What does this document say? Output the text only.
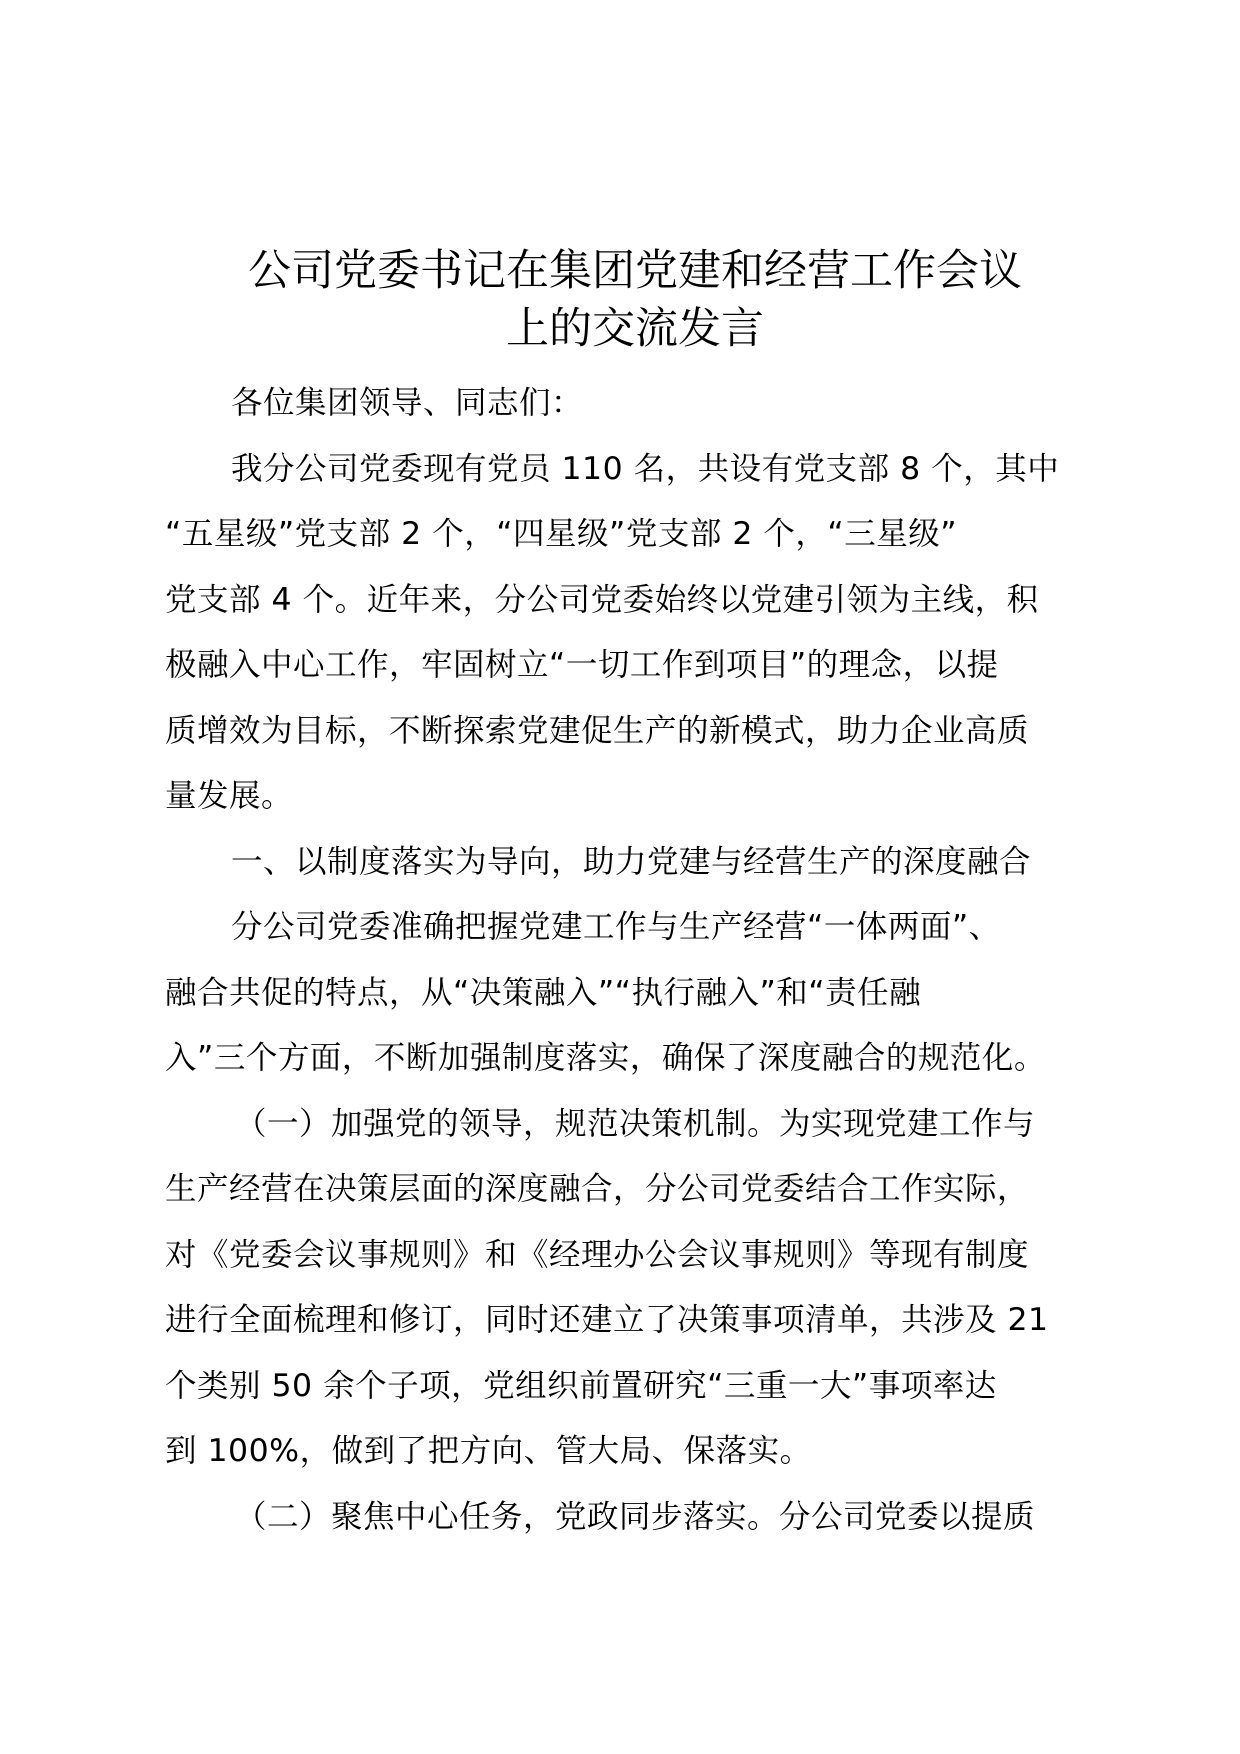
公司党委书记在集团党建和经营工作会议
上的交流发言
各位集团领导、同志们：
我分公司党委现有党员 110 名，共设有党支部 8 个，其中
“五星级”党支部 2 个，“四星级”党支部 2 个，“三星级”
党支部 4 个。近年来，分公司党委始终以党建引领为主线，积
极融入中心工作，牢固树立“一切工作到项目”的理念，以提
质增效为目标，不断探索党建促生产的新模式，助力企业高质
量发展。
一、以制度落实为导向，助力党建与经营生产的深度融合
分公司党委准确把握党建工作与生产经营“一体两面”、
融合共促的特点，从“决策融入”“执行融入”和“责任融
入”三个方面，不断加强制度落实，确保了深度融合的规范化。
（一）加强党的领导，规范决策机制。为实现党建工作与
生产经营在决策层面的深度融合，分公司党委结合工作实际，
对《党委会议事规则》和《经理办公会议事规则》等现有制度
进行全面梳理和修订，同时还建立了决策事项清单，共涉及 21
个类别 50 余个子项，党组织前置研究“三重一大”事项率达
到 100%，做到了把方向、管大局、保落实。
（二）聚焦中心任务，党政同步落实。分公司党委以提质
